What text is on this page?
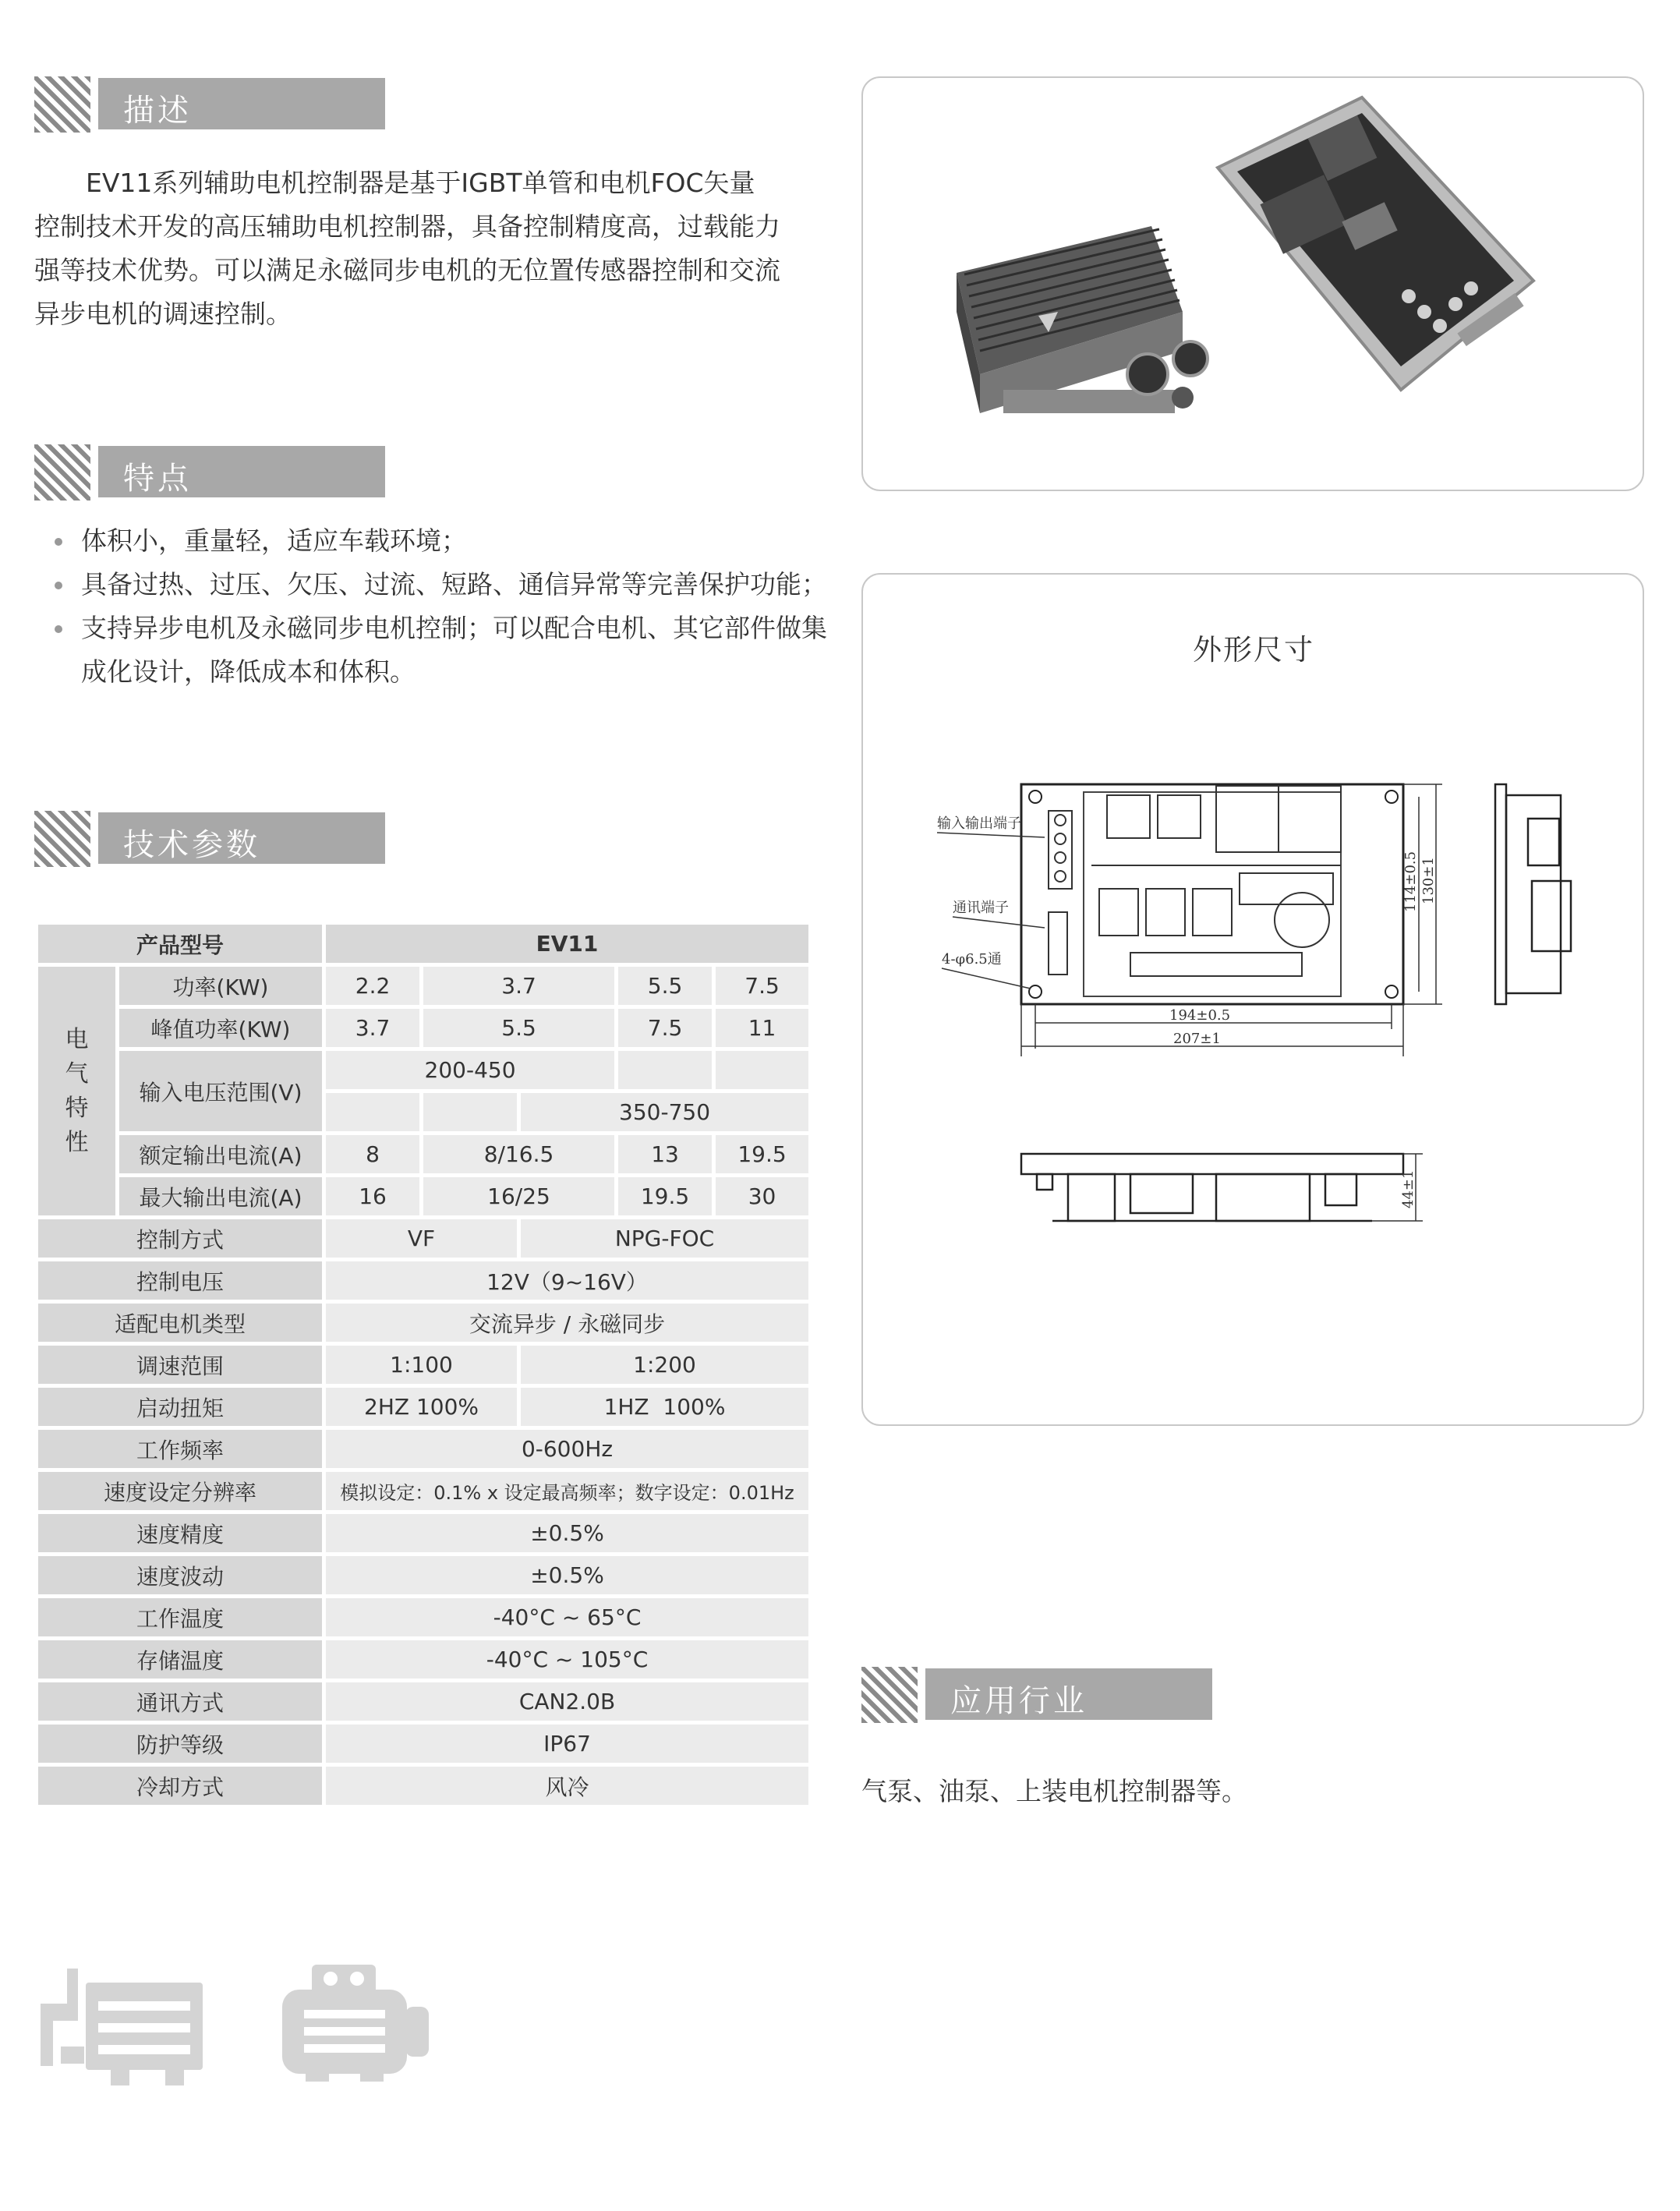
描述
EV11系列辅助电机控制器是基于IGBT单管和电机FOC矢量
控制技术开发的高压辅助电机控制器，具备控制精度高，过载能力
强等技术优势。可以满足永磁同步电机的无位置传感器控制和交流
异步电机的调速控制。
特点
体积小，重量轻，适应车载环境；
具备过热、过压、欠压、过流、短路、通信异常等完善保护功能；
支持异步电机及永磁同步电机控制；可以配合电机、其它部件做集成化设计，降低成本和体积。
技术参数
产品型号		EV11				
电气特性	功率(KW)	2.2	3.7		5.5	7.5
	峰值功率(KW)	3.7	5.5		7.5	11
	输入电压范围(V)	200-450				
				350-750		
	额定输出电流(A)	8	8/16.5		13	19.5
	最大输出电流(A)	16	16/25		19.5	30
控制方式		VF		NPG-FOC		
控制电压		12V（9~16V）				
适配电机类型		交流异步 / 永磁同步				
调速范围		1:100		1:200		
启动扭矩		2HZ 100%		1HZ  100%		
工作频率		0-600Hz				
速度设定分辨率		模拟设定：0.1% x 设定最高频率；数字设定：0.01Hz				
速度精度		±0.5%				
速度波动		±0.5%				
工作温度		-40°C ~ 65°C				
存储温度		-40°C ~ 105°C				
通讯方式		CAN2.0B				
防护等级		IP67				
冷却方式		风冷				
外形尺寸
输入输出端子
通讯端子
4-φ6.5通
194±0.5
207±1
114±0.5 130±1
44±1
应用行业
气泵、油泵、上装电机控制器等。
